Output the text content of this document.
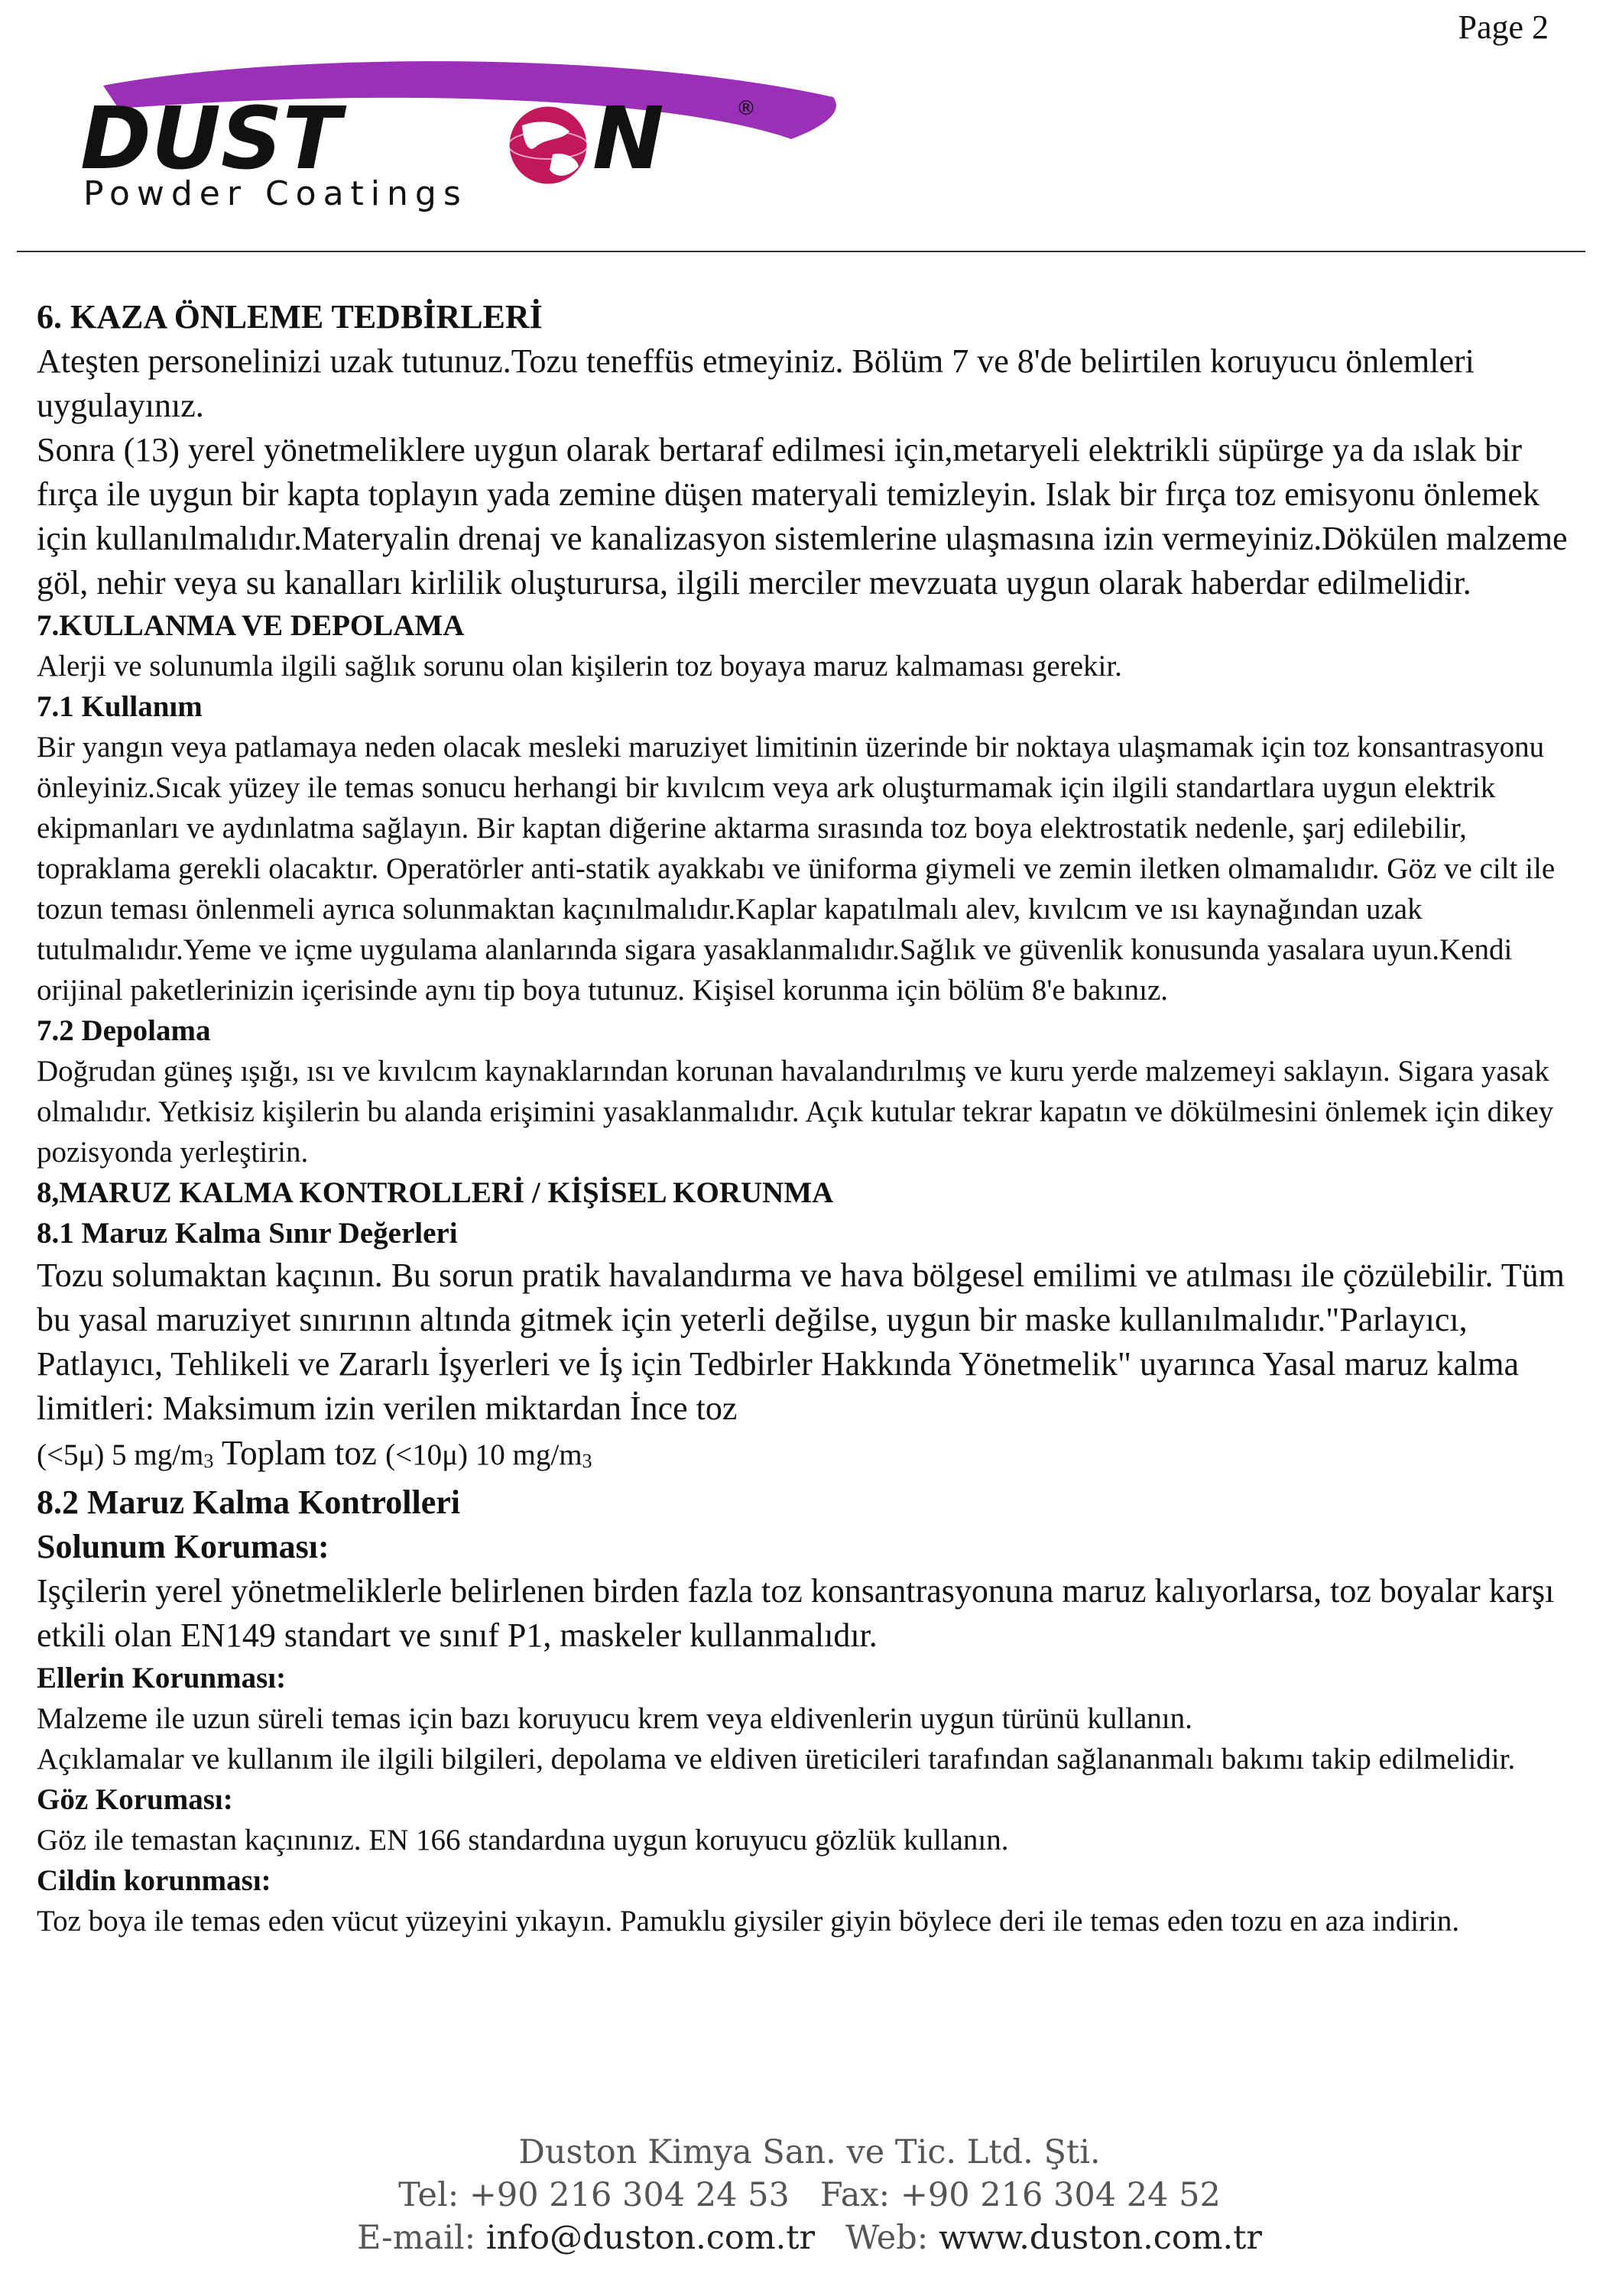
Page 2
DUST	N	®
Powder Coatings

6. KAZA ÖNLEME TEDBİRLERİ

Ateşten personelinizi uzak tutunuz.Tozu teneffüs etmeyiniz. Bölüm 7 ve 8'de belirtilen koruyucu önlemleri uygulayınız.

Sonra (13) yerel yönetmeliklere uygun olarak bertaraf edilmesi için,metaryeli elektrikli süpürge ya da ıslak bir fırça ile uygun bir kapta toplayın yada zemine düşen materyali temizleyin. Islak bir fırça toz emisyonu önlemek için kullanılmalıdır.Materyalin drenaj ve kanalizasyon sistemlerine ulaşmasına izin vermeyiniz.Dökülen malzeme göl, nehir veya su kanalları kirlilik oluşturursa, ilgili merciler mevzuata uygun olarak haberdar edilmelidir.

7.KULLANMA VE DEPOLAMA

Alerji ve solunumla ilgili sağlık sorunu olan kişilerin toz boyaya maruz kalmaması gerekir.

7.1 Kullanım

Bir yangın veya patlamaya neden olacak mesleki maruziyet limitinin üzerinde bir noktaya ulaşmamak için toz konsantrasyonu önleyiniz.Sıcak yüzey ile temas sonucu herhangi bir kıvılcım veya ark oluşturmamak için ilgili standartlara uygun elektrik ekipmanları ve aydınlatma sağlayın. Bir kaptan diğerine aktarma sırasında toz boya elektrostatik nedenle, şarj edilebilir, topraklama gerekli olacaktır. Operatörler anti-statik ayakkabı ve üniforma giymeli ve zemin iletken olmamalıdır. Göz ve cilt ile tozun teması önlenmeli ayrıca solunmaktan kaçınılmalıdır.Kaplar kapatılmalı alev, kıvılcım ve ısı kaynağından uzak tutulmalıdır.Yeme ve içme uygulama alanlarında sigara yasaklanmalıdır.Sağlık ve güvenlik konusunda yasalara uyun.Kendi orijinal paketlerinizin içerisinde aynı tip boya tutunuz. Kişisel korunma için bölüm 8'e bakınız.

7.2 Depolama

Doğrudan güneş ışığı, ısı ve kıvılcım kaynaklarından korunan havalandırılmış ve kuru yerde malzemeyi saklayın. Sigara yasak olmalıdır. Yetkisiz kişilerin bu alanda erişimini yasaklanmalıdır. Açık kutular tekrar kapatın ve dökülmesini önlemek için dikey pozisyonda yerleştirin.

8,MARUZ KALMA KONTROLLERİ / KİŞİSEL KORUNMA

8.1 Maruz Kalma Sınır Değerleri

Tozu solumaktan kaçının. Bu sorun pratik havalandırma ve hava bölgesel emilimi ve atılması ile çözülebilir. Tüm bu yasal maruziyet sınırının altında gitmek için yeterli değilse, uygun bir maske kullanılmalıdır."Parlayıcı, Patlayıcı, Tehlikeli ve Zararlı İşyerleri ve İş için Tedbirler Hakkında Yönetmelik" uyarınca Yasal maruz kalma limitleri: Maksimum izin verilen miktardan İnce toz

(<5μ) 5 $mg/m_3$ Toplam toz (<10μ) 10 $mg/m_3$

8.2 Maruz Kalma Kontrolleri

Solunum Koruması:

Işçilerin yerel yönetmeliklerle belirlenen birden fazla toz konsantrasyonuna maruz kalıyorlarsa, toz boyalar karşı etkili olan EN149 standart ve sınıf P1, maskeler kullanmalıdır.

Ellerin Korunması:

Malzeme ile uzun süreli temas için bazı koruyucu krem veya eldivenlerin uygun türünü kullanın.

Açıklamalar ve kullanım ile ilgili bilgileri, depolama ve eldiven üreticileri tarafından sağlananmalı bakımı takip edilmelidir.

Göz Koruması:

Göz ile temastan kaçınınız. EN 166 standardına uygun koruyucu gözlük kullanın.

Cildin korunması:

Toz boya ile temas eden vücut yüzeyini yıkayın. Pamuklu giysiler giyin böylece deri ile temas eden tozu en aza indirin.

Duston Kimya San. ve Tic. Ltd. Şti.
Tel: +90 216 304 24 53 Fax: +90 216 304 24 52
E-mail: info@duston.com.tr Web: www.duston.com.tr
